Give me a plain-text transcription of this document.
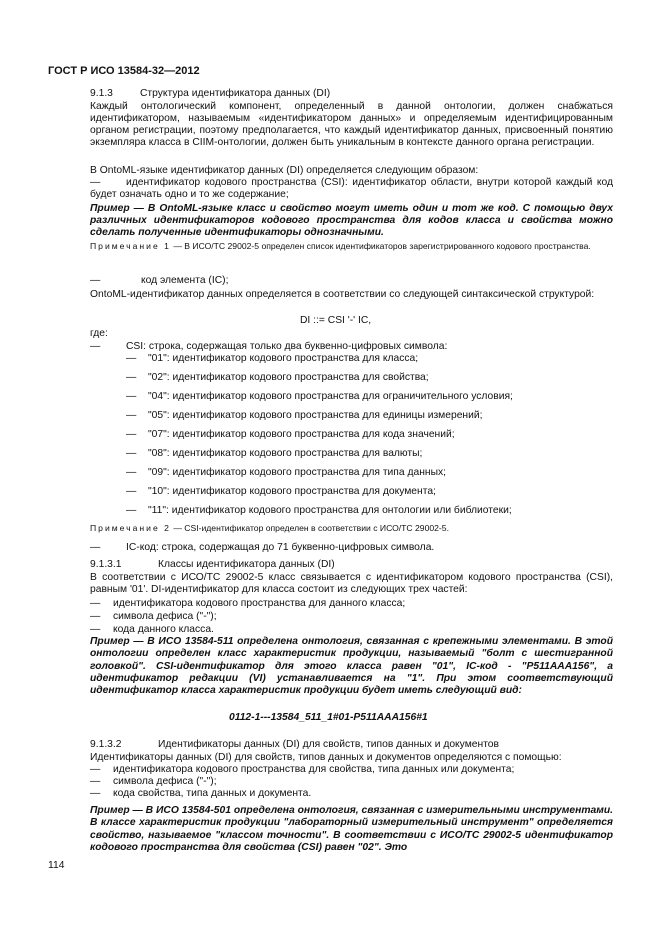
ГОСТ Р ИСО 13584-32—2012
9.1.3	Структура идентификатора данных (DI)

Каждый онтологический компонент, определенный в данной онтологии, должен снабжаться идентификатором, называемым «идентификатором данных» и определяемым идентифицированным органом регистрации, поэтому предполагается, что каждый идентификатор данных, присвоенный понятию экземпляра класса в CIIM-онтологии, должен быть уникальным в контексте данного органа регистрации.

В OntoML-языке идентификатор данных (DI) определяется следующим образом:

—	идентификатор кодового пространства (CSI): идентификатор области, внутри которой каждый код будет означать одно и то же содержание;

Пример — В OntoML-языке класс и свойство могут иметь один и тот же код. С помощью двух различных идентификаторов кодового пространства для кодов класса и свойства можно сделать полученные идентификаторы однозначными.

Примечание 1 — В ИСО/ТС 29002-5 определен список идентификаторов зарегистрированного кодового пространства.

—	код элемента (IC);

OntoML-идентификатор данных определяется в соответствии со следующей синтаксической структурой:

DI ::= CSI '-' IC,
где:
— CSI: строка, содержащая только два буквенно-цифровых символа:
— "01": идентификатор кодового пространства для класса;
— "02": идентификатор кодового пространства для свойства;
— "04": идентификатор кодового пространства для ограничительного условия;
— "05": идентификатор кодового пространства для единицы измерений;
— "07": идентификатор кодового пространства для кода значений;
— "08": идентификатор кодового пространства для валюты;
— "09": идентификатор кодового пространства для типа данных;
— "10": идентификатор кодового пространства для документа;
— "11": идентификатор кодового пространства для онтологии или библиотеки;

Примечание 2 — CSI-идентификатор определен в соответствии с ИСО/ТС 29002-5.

— IC-код: строка, содержащая до 71 буквенно-цифровых символа.
9.1.3.1	Классы идентификатора данных (DI)

В соответствии с ИСО/ТС 29002-5 класс связывается с идентификатором кодового пространства (CSI), равным '01'. DI-идентификатор для класса состоит из следующих трех частей:

— идентификатора кодового пространства для данного класса;
— символа дефиса ("-");
— кода данного класса.

Пример — В ИСО 13584-511 определена онтология, связанная с крепежными элементами. В этой онтологии определен класс характеристик продукции, называемый "болт с шестигранной головкой". CSI-идентификатор для этого класса равен "01", IC-код - "P511AAA156", а идентификатор редакции (VI) устанавливается на "1". При этом соответствующий идентификатор класса характеристик продукции будет иметь следующий вид:

0112-1---13584_511_1#01-P511AAA156#1
9.1.3.2	Идентификаторы данных (DI) для свойств, типов данных и документов

Идентификаторы данных (DI) для свойств, типов данных и документов определяются с помощью:

— идентификатора кодового пространства для свойства, типа данных или документа;
— символа дефиса ("-");
— кода свойства, типа данных и документа.

Пример — В ИСО 13584-501 определена онтология, связанная с измерительными инструментами. В классе характеристик продукции "лабораторный измерительный инструмент" определяется свойство, называемое "классом точности". В соответствии с ИСО/ТС 29002-5 идентификатор кодового пространства для свойства (CSI) равен "02". Это

114
